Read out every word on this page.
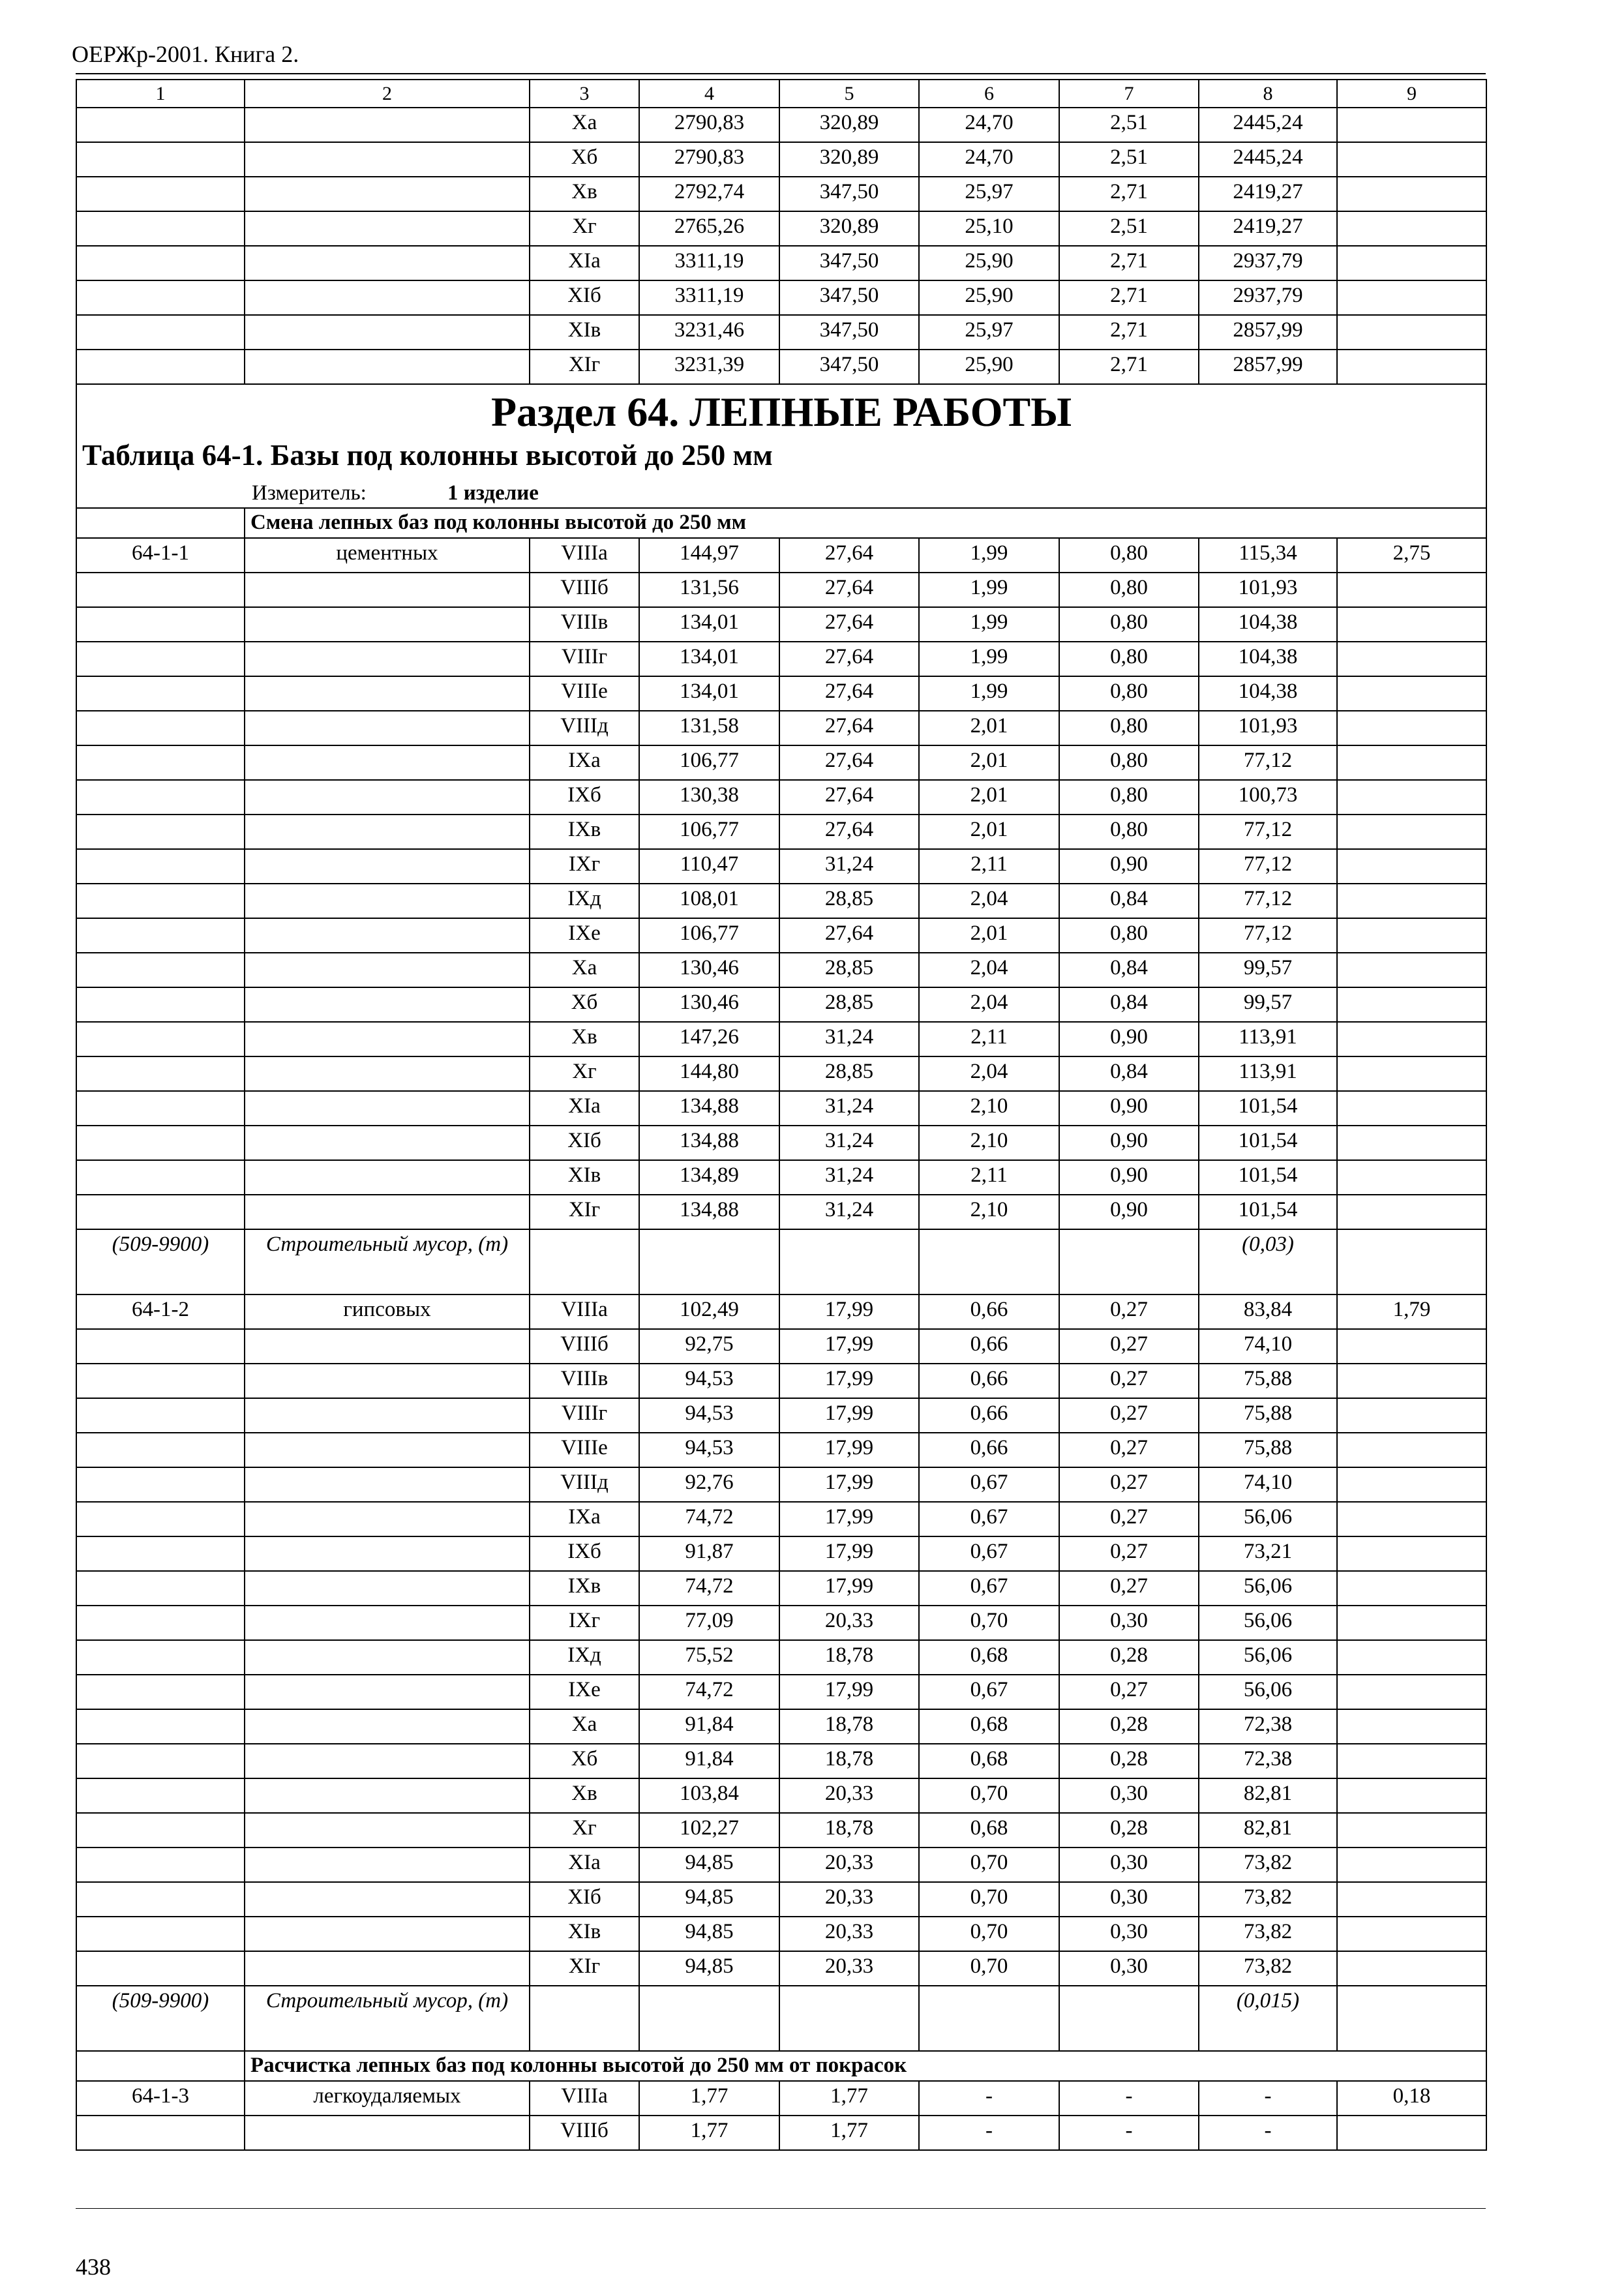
ОЕРЖр-2001. Книга 2.
1	2	3	4	5	6	7	8	9
		Ха	2790,83	320,89	24,70	2,51	2445,24	
		Хб	2790,83	320,89	24,70	2,51	2445,24	
		Хв	2792,74	347,50	25,97	2,71	2419,27	
		Хг	2765,26	320,89	25,10	2,51	2419,27	
		ХIа	3311,19	347,50	25,90	2,71	2937,79	
		ХIб	3311,19	347,50	25,90	2,71	2937,79	
		ХIв	3231,46	347,50	25,97	2,71	2857,99	
		ХIг	3231,39	347,50	25,90	2,71	2857,99	
Раздел 64. ЛЕПНЫЕ РАБОТЫ								
Таблица 64-1. Базы под колонны высотой до 250 мм								
Измеритель: 1 изделие								
	Смена лепных баз под колонны высотой до 250 мм							
64-1-1	цементных	VIIIа	144,97	27,64	1,99	0,80	115,34	2,75
		VIIIб	131,56	27,64	1,99	0,80	101,93	
		VIIIв	134,01	27,64	1,99	0,80	104,38	
		VIIIг	134,01	27,64	1,99	0,80	104,38	
		VIIIе	134,01	27,64	1,99	0,80	104,38	
		VIIIд	131,58	27,64	2,01	0,80	101,93	
		IХа	106,77	27,64	2,01	0,80	77,12	
		IХб	130,38	27,64	2,01	0,80	100,73	
		IХв	106,77	27,64	2,01	0,80	77,12	
		IХг	110,47	31,24	2,11	0,90	77,12	
		IХд	108,01	28,85	2,04	0,84	77,12	
		IХе	106,77	27,64	2,01	0,80	77,12	
		Ха	130,46	28,85	2,04	0,84	99,57	
		Хб	130,46	28,85	2,04	0,84	99,57	
		Хв	147,26	31,24	2,11	0,90	113,91	
		Хг	144,80	28,85	2,04	0,84	113,91	
		ХIа	134,88	31,24	2,10	0,90	101,54	
		ХIб	134,88	31,24	2,10	0,90	101,54	
		ХIв	134,89	31,24	2,11	0,90	101,54	
		ХIг	134,88	31,24	2,10	0,90	101,54	
(509-9900)	Строительный мусор, (т)						(0,03)	
64-1-2	гипсовых	VIIIа	102,49	17,99	0,66	0,27	83,84	1,79
		VIIIб	92,75	17,99	0,66	0,27	74,10	
		VIIIв	94,53	17,99	0,66	0,27	75,88	
		VIIIг	94,53	17,99	0,66	0,27	75,88	
		VIIIе	94,53	17,99	0,66	0,27	75,88	
		VIIIд	92,76	17,99	0,67	0,27	74,10	
		IХа	74,72	17,99	0,67	0,27	56,06	
		IХб	91,87	17,99	0,67	0,27	73,21	
		IХв	74,72	17,99	0,67	0,27	56,06	
		IХг	77,09	20,33	0,70	0,30	56,06	
		IХд	75,52	18,78	0,68	0,28	56,06	
		IХе	74,72	17,99	0,67	0,27	56,06	
		Ха	91,84	18,78	0,68	0,28	72,38	
		Хб	91,84	18,78	0,68	0,28	72,38	
		Хв	103,84	20,33	0,70	0,30	82,81	
		Хг	102,27	18,78	0,68	0,28	82,81	
		ХIа	94,85	20,33	0,70	0,30	73,82	
		ХIб	94,85	20,33	0,70	0,30	73,82	
		ХIв	94,85	20,33	0,70	0,30	73,82	
		ХIг	94,85	20,33	0,70	0,30	73,82	
(509-9900)	Строительный мусор, (т)						(0,015)	
	Расчистка лепных баз под колонны высотой до 250 мм от покрасок							
64-1-3	легкоудаляемых	VIIIа	1,77	1,77	-	-	-	0,18
		VIIIб	1,77	1,77	-	-	-	
438
